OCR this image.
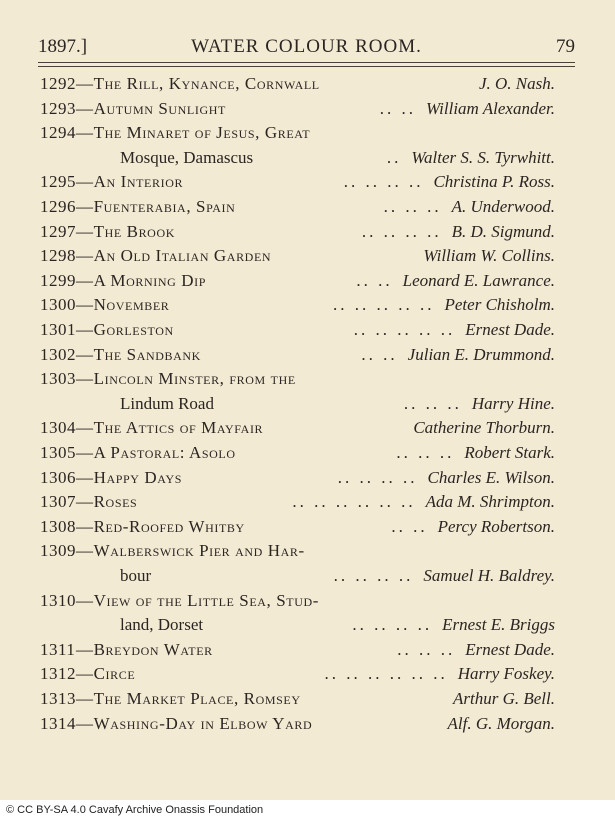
1897.]	WATER COLOUR ROOM.	79
1292 —The Rill, Kynance, Cornwall	J. O. Nash.
1293 —Autumn Sunlight	.. .. William Alexander.
1294 —The Minaret of Jesus, Great
Mosque, Damascus	.. Walter S. S. Tyrwhitt.
1295 —An Interior	.. .. .. .. Christina P. Ross.
1296 —Fuenterabia, Spain	.. .. .. A. Underwood.
1297 —The Brook	.. .. .. .. B. D. Sigmund.
1298 —An Old Italian Garden	William W. Collins.
1299 —A Morning Dip	.. .. Leonard E. Lawrance.
1300 —November	.. .. .. .. .. Peter Chisholm.
1301 —Gorleston	.. .. .. .. .. Ernest Dade.
1302 —The Sandbank	.. .. Julian E. Drummond.
1303 —Lincoln Minster, from the
Lindum Road	.. .. .. Harry Hine.
1304 —The Attics of Mayfair	Catherine Thorburn.
1305 —A Pastoral: Asolo	.. .. .. Robert Stark.
1306 —Happy Days	.. .. .. .. Charles E. Wilson.
1307 —Roses	.. .. .. .. .. .. Ada M. Shrimpton.
1308 —Red-Roofed Whitby	.. .. Percy Robertson.
1309 —Walberswick Pier and Har-
bour	.. .. .. .. Samuel H. Baldrey.
1310 —View of the Little Sea, Stud-
land, Dorset	.. .. .. .. Ernest E. Briggs
1311 —Breydon Water	.. .. .. Ernest Dade.
1312 —Circe	.. .. .. .. .. .. Harry Foskey.
1313 —The Market Place, Romsey	Arthur G. Bell.
1314 —Washing-Day in Elbow Yard	Alf. G. Morgan.
© CC BY-SA 4.0 Cavafy Archive Onassis Foundation
